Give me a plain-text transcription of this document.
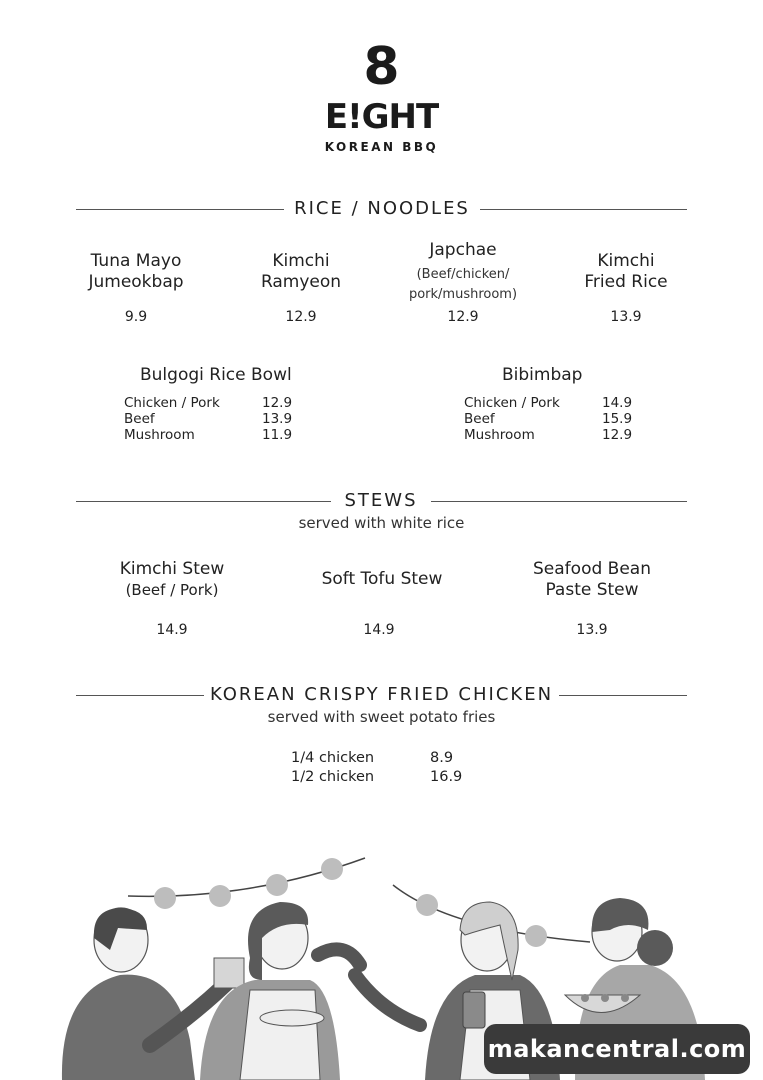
8
E!GHT
KOREAN BBQ
RICE / NOODLES
Tuna Mayo
Jumeokbap
9.9
Kimchi
Ramyeon
12.9
Japchae
(Beef/chicken/
pork/mushroom)
12.9
Kimchi
Fried Rice
13.9
Bulgogi Rice Bowl
Chicken / Pork
Beef
Mushroom
12.9
13.9
11.9
Bibimbap
Chicken / Pork
Beef
Mushroom
14.9
15.9
12.9
STEWS
served with white rice
Kimchi Stew
(Beef / Pork)
14.9
Soft Tofu Stew
14.9
Seafood Bean
Paste Stew
13.9
KOREAN CRISPY FRIED CHICKEN
served with sweet potato fries
1/4 chicken
1/2 chicken
8.9
16.9
makancentral.com
